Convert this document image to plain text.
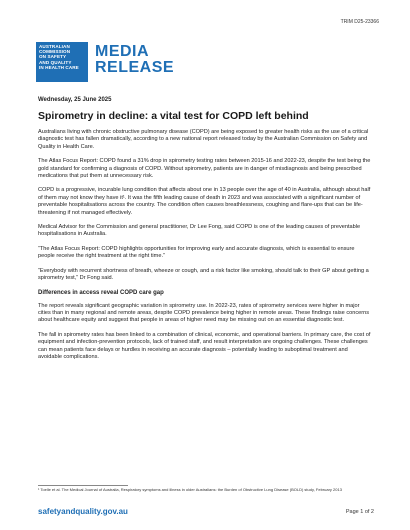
TRIM D25-23366
AUSTRALIAN
COMMISSION
ON SAFETY
AND QUALITY
IN HEALTH CARE
MEDIA
RELEASE
Wednesday, 25 June 2025
Spirometry in decline: a vital test for COPD left behind

Australians living with chronic obstructive pulmonary disease (COPD) are being exposed to greater health risks as the use of a critical diagnostic test has fallen dramatically, according to a new national report released today by the Australian Commission on Safety and Quality in Health Care.

The Atlas Focus Report: COPD found a 31% drop in spirometry testing rates between 2015-16 and 2022-23, despite the test being the gold standard for confirming a diagnosis of COPD. Without spirometry, patients are in danger of misdiagnosis and being prescribed medications that put them at unnecessary risk.

COPD is a progressive, incurable lung condition that affects about one in 13 people over the age of 40 in Australia, although about half of them may not know they have it¹. It was the fifth leading cause of death in 2023 and was associated with a significant number of preventable hospitalisations across the country. The condition often causes breathlessness, coughing and flare-ups that can be life-threatening if not managed effectively.

Medical Advisor for the Commission and general practitioner, Dr Lee Fong, said COPD is one of the leading causes of preventable hospitalisations in Australia.

“The Atlas Focus Report: COPD highlights opportunities for improving early and accurate diagnosis, which is essential to ensure people receive the right treatment at the right time.”

“Everybody with recurrent shortness of breath, wheeze or cough, and a risk factor like smoking, should talk to their GP about getting a spirometry test,” Dr Fong said.

Differences in access reveal COPD care gap

The report reveals significant geographic variation in spirometry use. In 2022-23, rates of spirometry services were higher in major cities than in many regional and remote areas, despite COPD prevalence being higher in remote areas. These findings raise concerns about healthcare equity and suggest that people in areas of higher need may be missing out on an essential diagnostic test.

The fall in spirometry rates has been linked to a combination of clinical, economic, and operational barriers. In primary care, the cost of equipment and infection-prevention protocols, lack of trained staff, and result interpretation are ongoing challenges. These challenges can mean patients face delays or hurdles in receiving an accurate diagnosis – potentially leading to suboptimal treatment and avoidable complications.

¹ Toelle et al. The Medical Journal of Australia, Respiratory symptoms and illness in older Australians: the Burden of Obstructive Lung Disease (BOLD) study, February 2013
safetyandquality.gov.au	Page 1 of 2
